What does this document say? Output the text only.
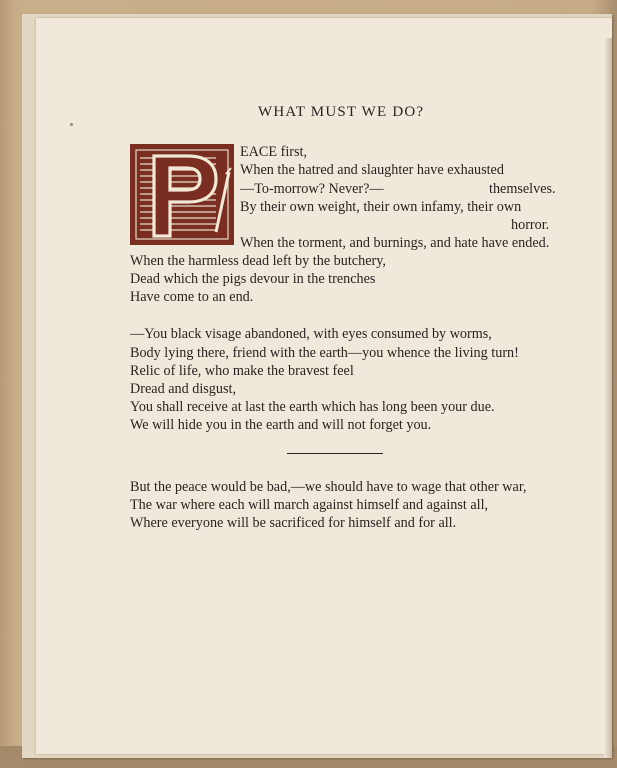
WHAT MUST WE DO?

EACE first,

When the hatred and slaughter have exhausted

—To-morrow? Never?—	themselves.

By their own weight, their own infamy, their own

horror.

When the torment, and burnings, and hate have ended.

When the harmless dead left by the butchery,

Dead which the pigs devour in the trenches

Have come to an end.

—You black visage abandoned, with eyes consumed by worms,

Body lying there, friend with the earth—you whence the living turn!

Relic of life, who make the bravest feel

Dread and disgust,

You shall receive at last the earth which has long been your due.

We will hide you in the earth and will not forget you.

But the peace would be bad,—we should have to wage that other war,

The war where each will march against himself and against all,

Where everyone will be sacrificed for himself and for all.
